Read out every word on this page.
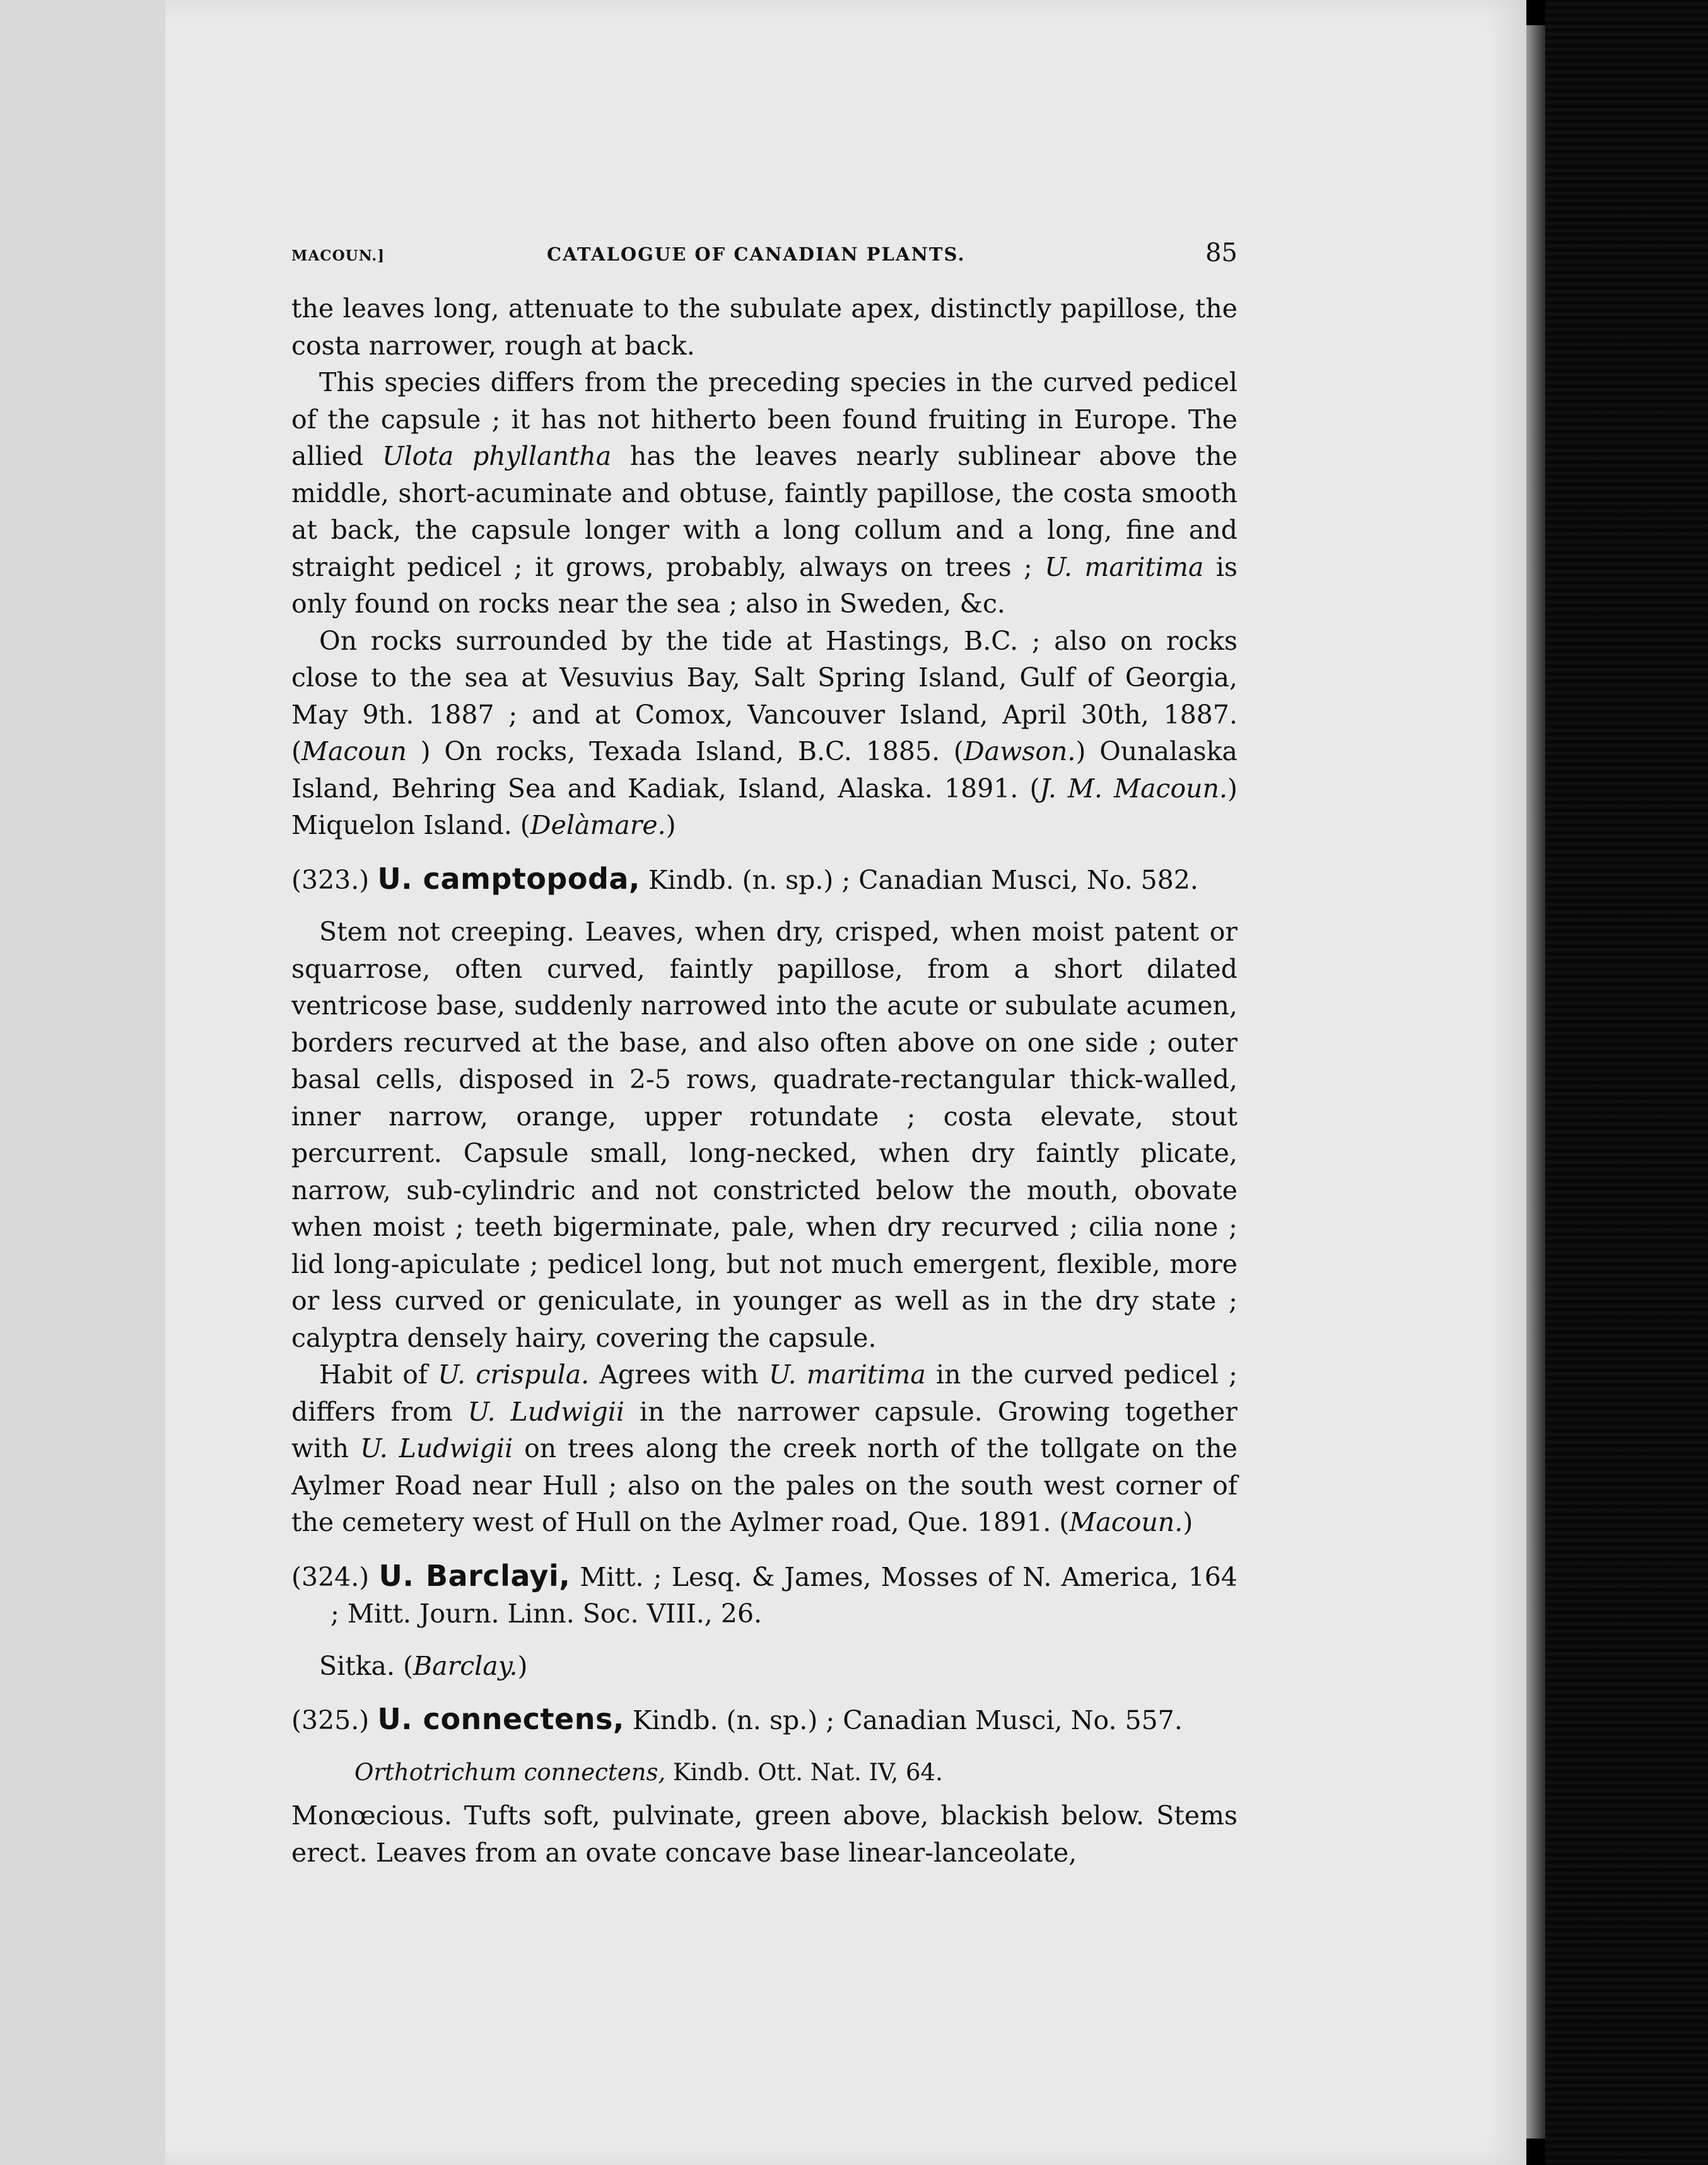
MACOUN.]	CATALOGUE OF CANADIAN PLANTS.	85

the leaves long, attenuate to the subulate apex, distinctly papillose, the costa narrower, rough at back.

This species differs from the preceding species in the curved pedicel of the capsule ; it has not hitherto been found fruiting in Europe. The allied Ulota phyllantha has the leaves nearly sublinear above the middle, short-acuminate and obtuse, faintly papillose, the costa smooth at back, the capsule longer with a long collum and a long, fine and straight pedicel ; it grows, probably, always on trees ; U. maritima is only found on rocks near the sea ; also in Sweden, &c.

On rocks surrounded by the tide at Hastings, B.C. ; also on rocks close to the sea at Vesuvius Bay, Salt Spring Island, Gulf of Georgia, May 9th. 1887 ; and at Comox, Vancouver Island, April 30th, 1887. (Macoun ) On rocks, Texada Island, B.C. 1885. (Dawson.) Ounalaska Island, Behring Sea and Kadiak, Island, Alaska. 1891. (J. M. Macoun.) Miquelon Island. (Delàmare.)

(323.) U. camptopoda, Kindb. (n. sp.) ; Canadian Musci, No. 582.

Stem not creeping. Leaves, when dry, crisped, when moist patent or squarrose, often curved, faintly papillose, from a short dilated ventricose base, suddenly narrowed into the acute or subulate acumen, borders recurved at the base, and also often above on one side ; outer basal cells, disposed in 2-5 rows, quadrate-rectangular thick-walled, inner narrow, orange, upper rotundate ; costa elevate, stout percurrent. Capsule small, long-necked, when dry faintly plicate, narrow, sub-cylindric and not constricted below the mouth, obovate when moist ; teeth bigerminate, pale, when dry recurved ; cilia none ; lid long-apiculate ; pedicel long, but not much emergent, flexible, more or less curved or geniculate, in younger as well as in the dry state ; calyptra densely hairy, covering the capsule.

Habit of U. crispula. Agrees with U. maritima in the curved pedicel ; differs from U. Ludwigii in the narrower capsule. Growing together with U. Ludwigii on trees along the creek north of the tollgate on the Aylmer Road near Hull ; also on the pales on the south west corner of the cemetery west of Hull on the Aylmer road, Que. 1891. (Macoun.)

(324.) U. Barclayi, Mitt. ; Lesq. & James, Mosses of N. America, 164 ; Mitt. Journ. Linn. Soc. VIII., 26.

Sitka. (Barclay.)

(325.) U. connectens, Kindb. (n. sp.) ; Canadian Musci, No. 557.

Orthotrichum connectens, Kindb. Ott. Nat. IV, 64.

Monœcious. Tufts soft, pulvinate, green above, blackish below. Stems erect. Leaves from an ovate concave base linear-lanceolate,
